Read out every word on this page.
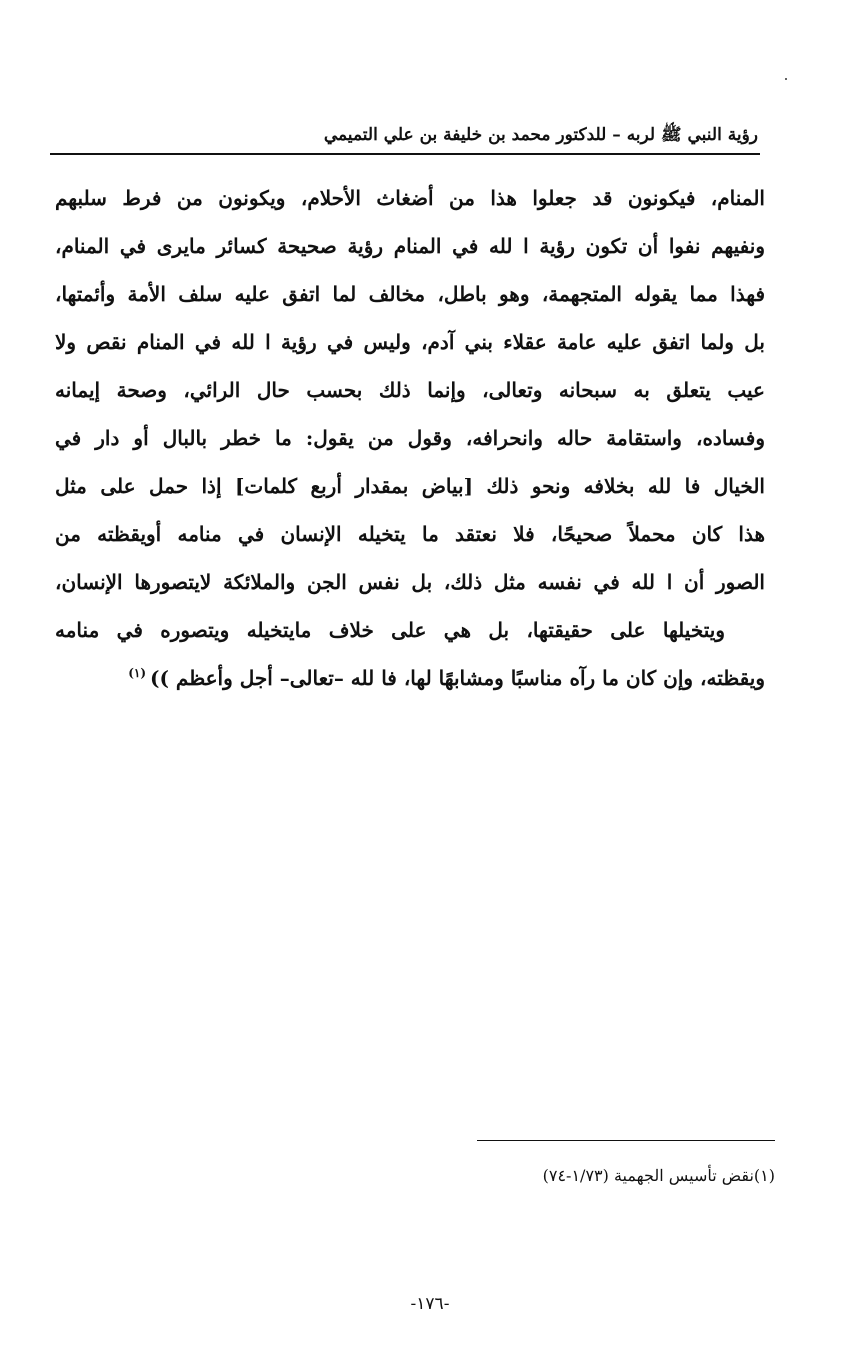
رؤية النبي ﷺ لربه – للدكتور محمد بن خليفة بن علي التميمي
المنام، فيكونون قد جعلوا هذا من أضغاث الأحلام، ويكونون من فرط سلبهم
ونفيهم نفوا أن تكون رؤية ا لله في المنام رؤية صحيحة كسائر مايرى في المنام،
فهذا مما يقوله المتجهمة، وهو باطل، مخالف لما اتفق عليه سلف الأمة وأئمتها،
بل ولما اتفق عليه عامة عقلاء بني آدم، وليس في رؤية ا لله في المنام نقص ولا
عيب يتعلق به سبحانه وتعالى، وإنما ذلك بحسب حال الرائي، وصحة إيمانه
وفساده، واستقامة حاله وانحرافه، وقول من يقول: ما خطر بالبال أو دار في
الخيال فا لله بخلافه ونحو ذلك [بياض بمقدار أربع كلمات] إذا حمل على مثل
هذا كان محملاً صحيحًا، فلا نعتقد ما يتخيله الإنسان في منامه أويقظته من
الصور أن ا لله في نفسه مثل ذلك، بل نفس الجن والملائكة لايتصورها الإنسان،
ويتخيلها على حقيقتها، بل هي على خلاف مايتخيله ويتصوره في منامه
ويقظته، وإن كان ما رآه مناسبًا ومشابهًا لها، فا لله –تعالى– أجل وأعظم ))$^{(١)}$
(١)نقض تأسيس الجهمية (١/٧٣-٧٤)
-١٧٦-
